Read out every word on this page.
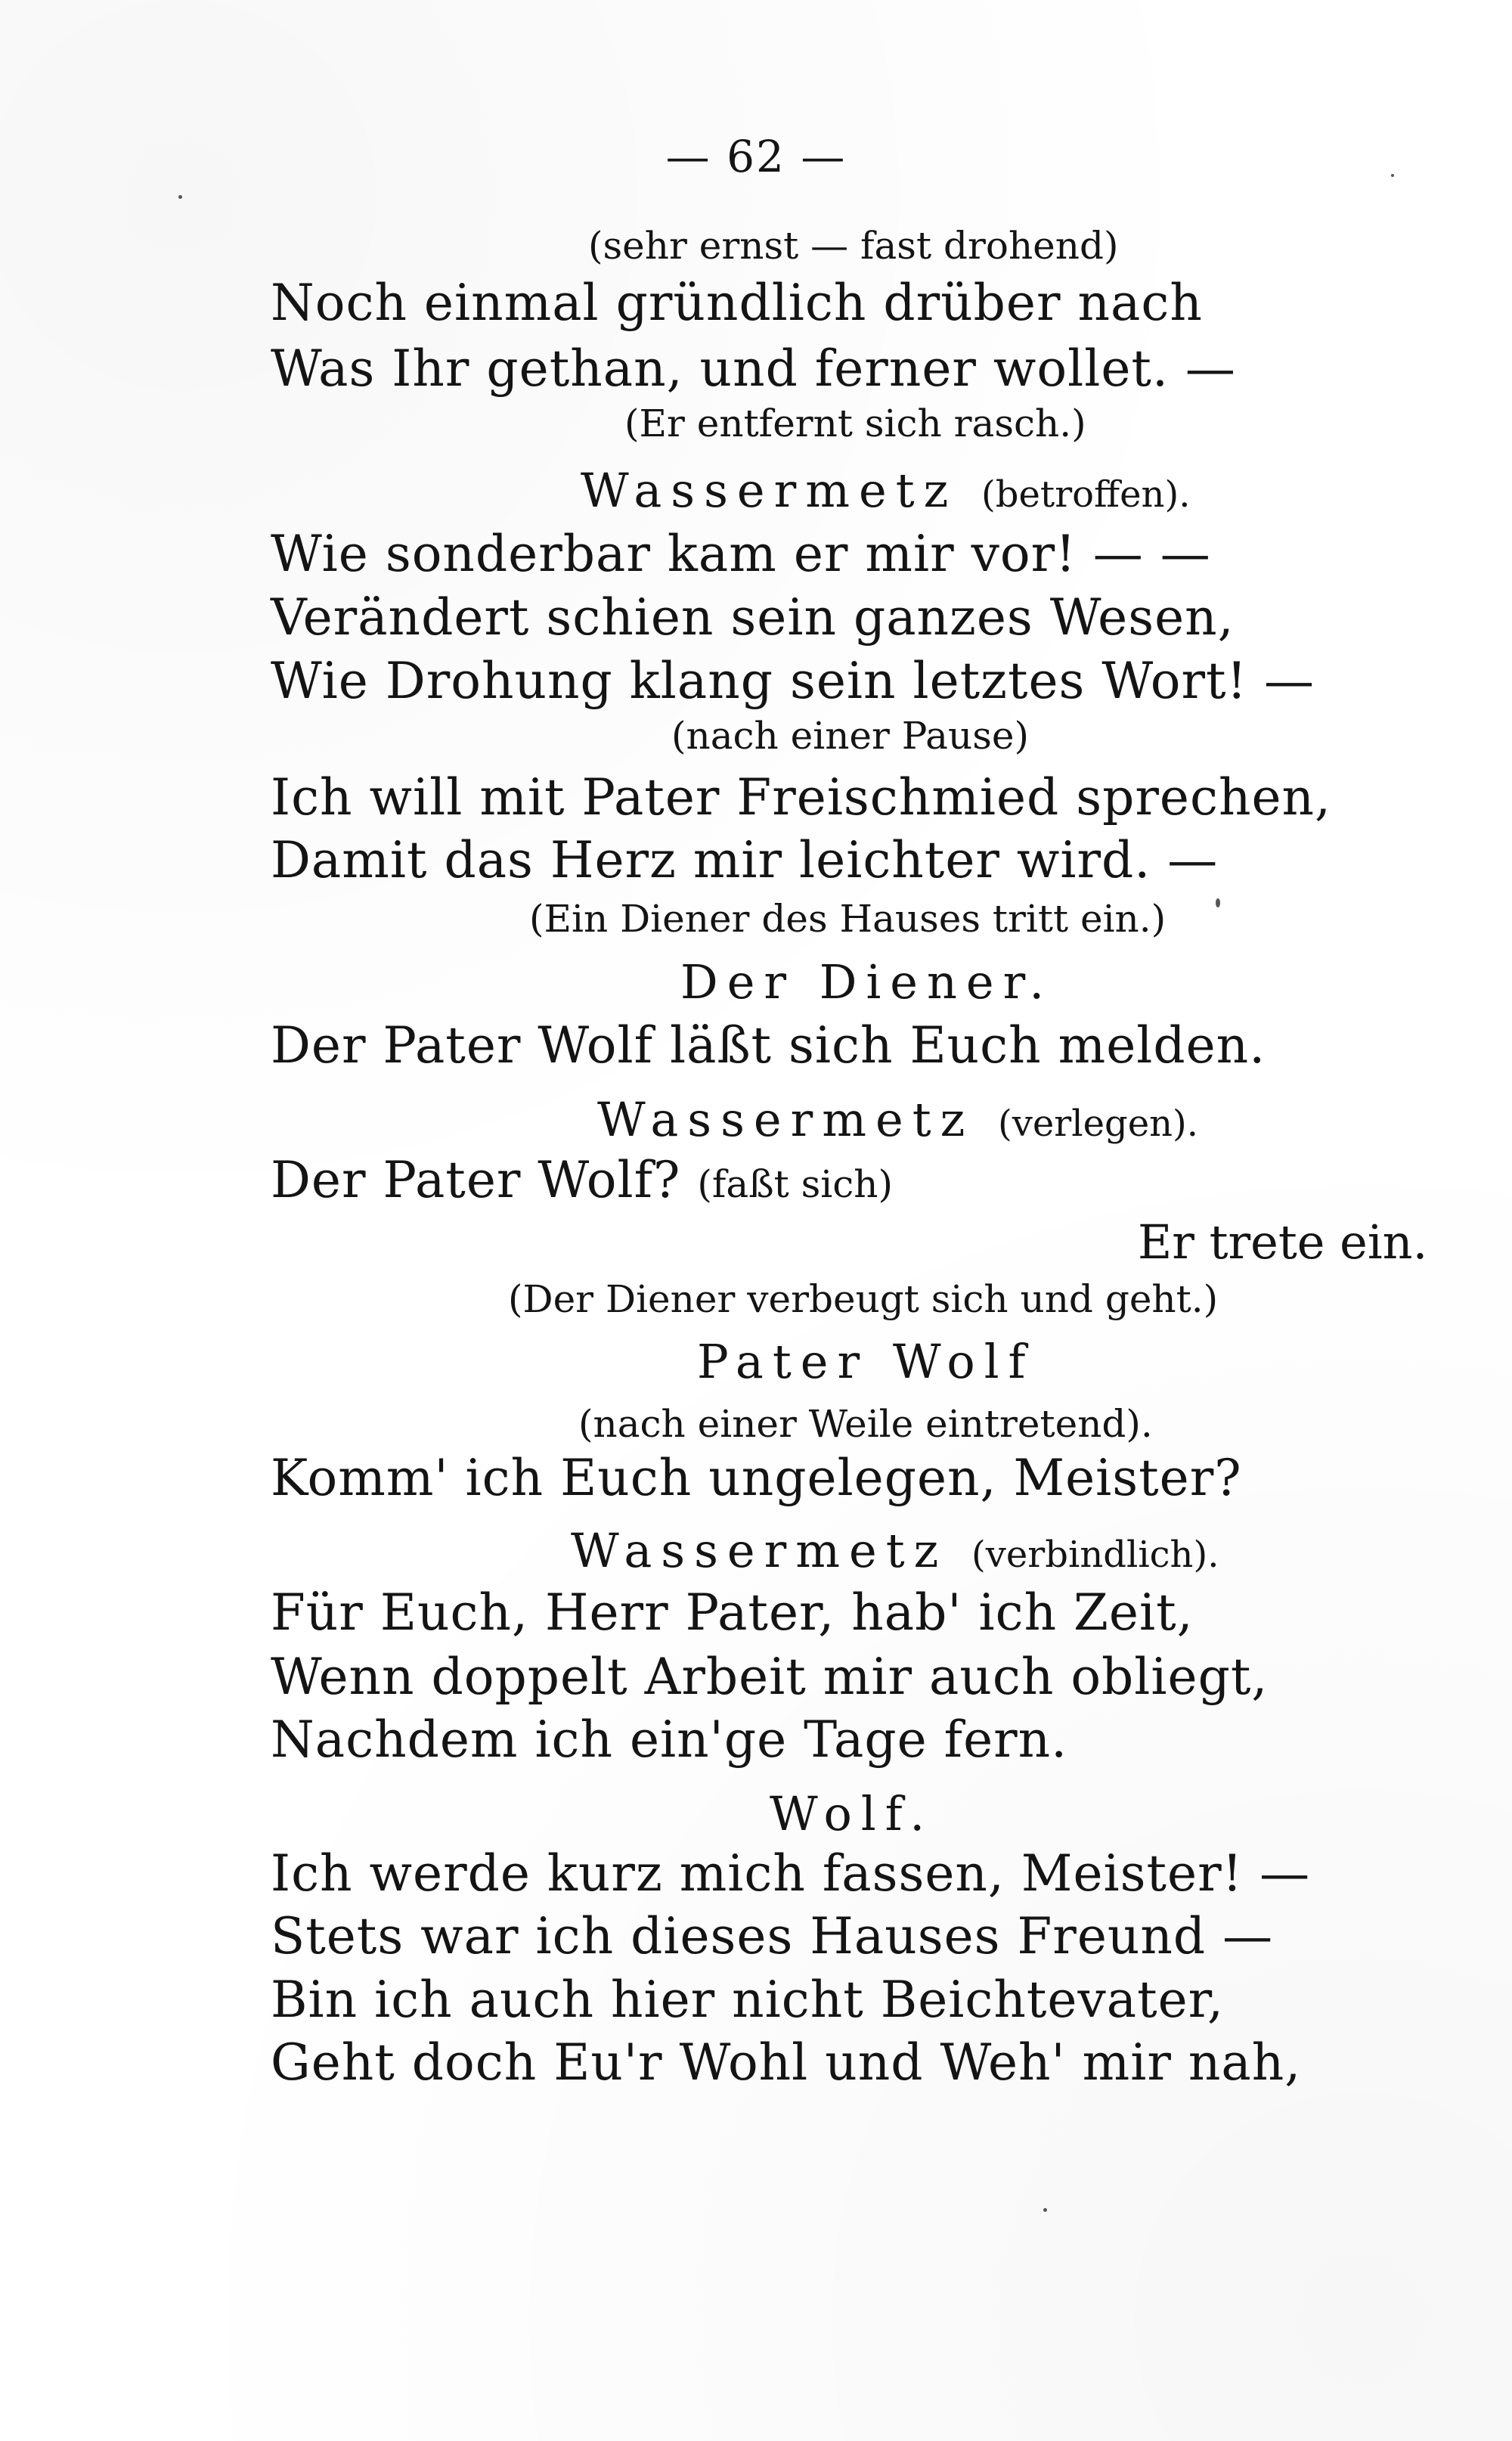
— 62 —
(sehr ernst — fast drohend)
Noch einmal gründlich drüber nach
Was Ihr gethan, und ferner wollet. —
(Er entfernt sich rasch.)
Wassermetz (betroffen).
Wie sonderbar kam er mir vor! — —
Verändert schien sein ganzes Wesen,
Wie Drohung klang sein letztes Wort! —
(nach einer Pause)
Ich will mit Pater Freischmied sprechen,
Damit das Herz mir leichter wird. —
(Ein Diener des Hauses tritt ein.)
Der Diener.
Der Pater Wolf läßt sich Euch melden.
Wassermetz (verlegen).
Der Pater Wolf? (faßt sich)
Er trete ein.
(Der Diener verbeugt sich und geht.)
Pater Wolf
(nach einer Weile eintretend).
Komm' ich Euch ungelegen, Meister?
Wassermetz (verbindlich).
Für Euch, Herr Pater, hab' ich Zeit,
Wenn doppelt Arbeit mir auch obliegt,
Nachdem ich ein'ge Tage fern.
Wolf.
Ich werde kurz mich fassen, Meister! —
Stets war ich dieses Hauses Freund —
Bin ich auch hier nicht Beichtevater,
Geht doch Eu'r Wohl und Weh' mir nah,
